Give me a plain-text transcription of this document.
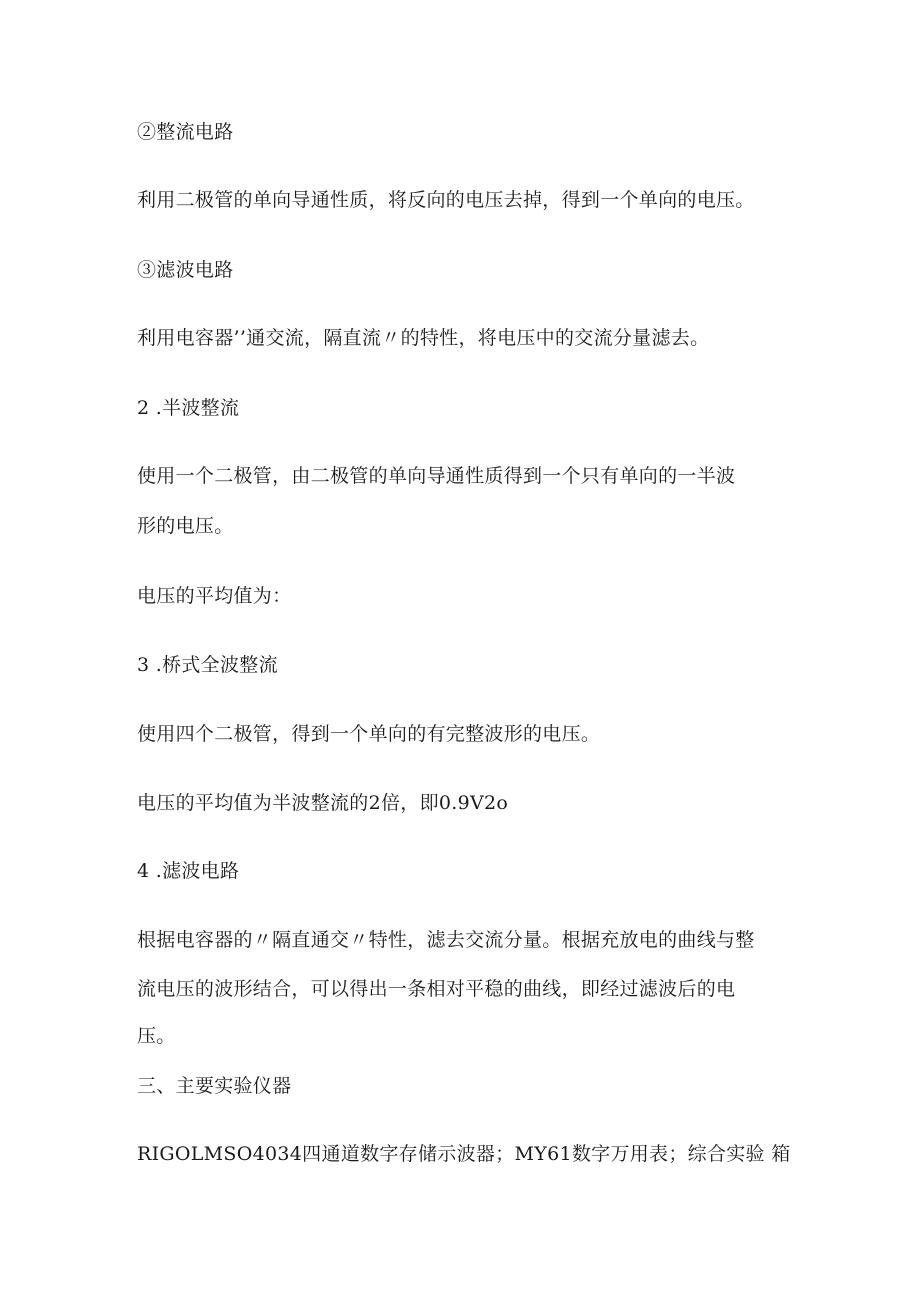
②整流电路
利用二极管的单向导通性质，将反向的电压去掉，得到一个单向的电压。
③滤波电路
利用电容器’’通交流，隔直流〃的特性，将电压中的交流分量滤去。
2 .半波整流
使用一个二极管，由二极管的单向导通性质得到一个只有单向的一半波
形的电压。
电压的平均值为：
3 .桥式全波整流
使用四个二极管，得到一个单向的有完整波形的电压。
电压的平均值为半波整流的2倍，即0.9V2o
4 .滤波电路
根据电容器的〃隔直通交〃特性，滤去交流分量。根据充放电的曲线与整
流电压的波形结合，可以得出一条相对平稳的曲线，即经过滤波后的电
压。
三、主要实验仪器
RIGOLMSO4034四通道数字存储示波器；MY61数字万用表；综合实验 箱
